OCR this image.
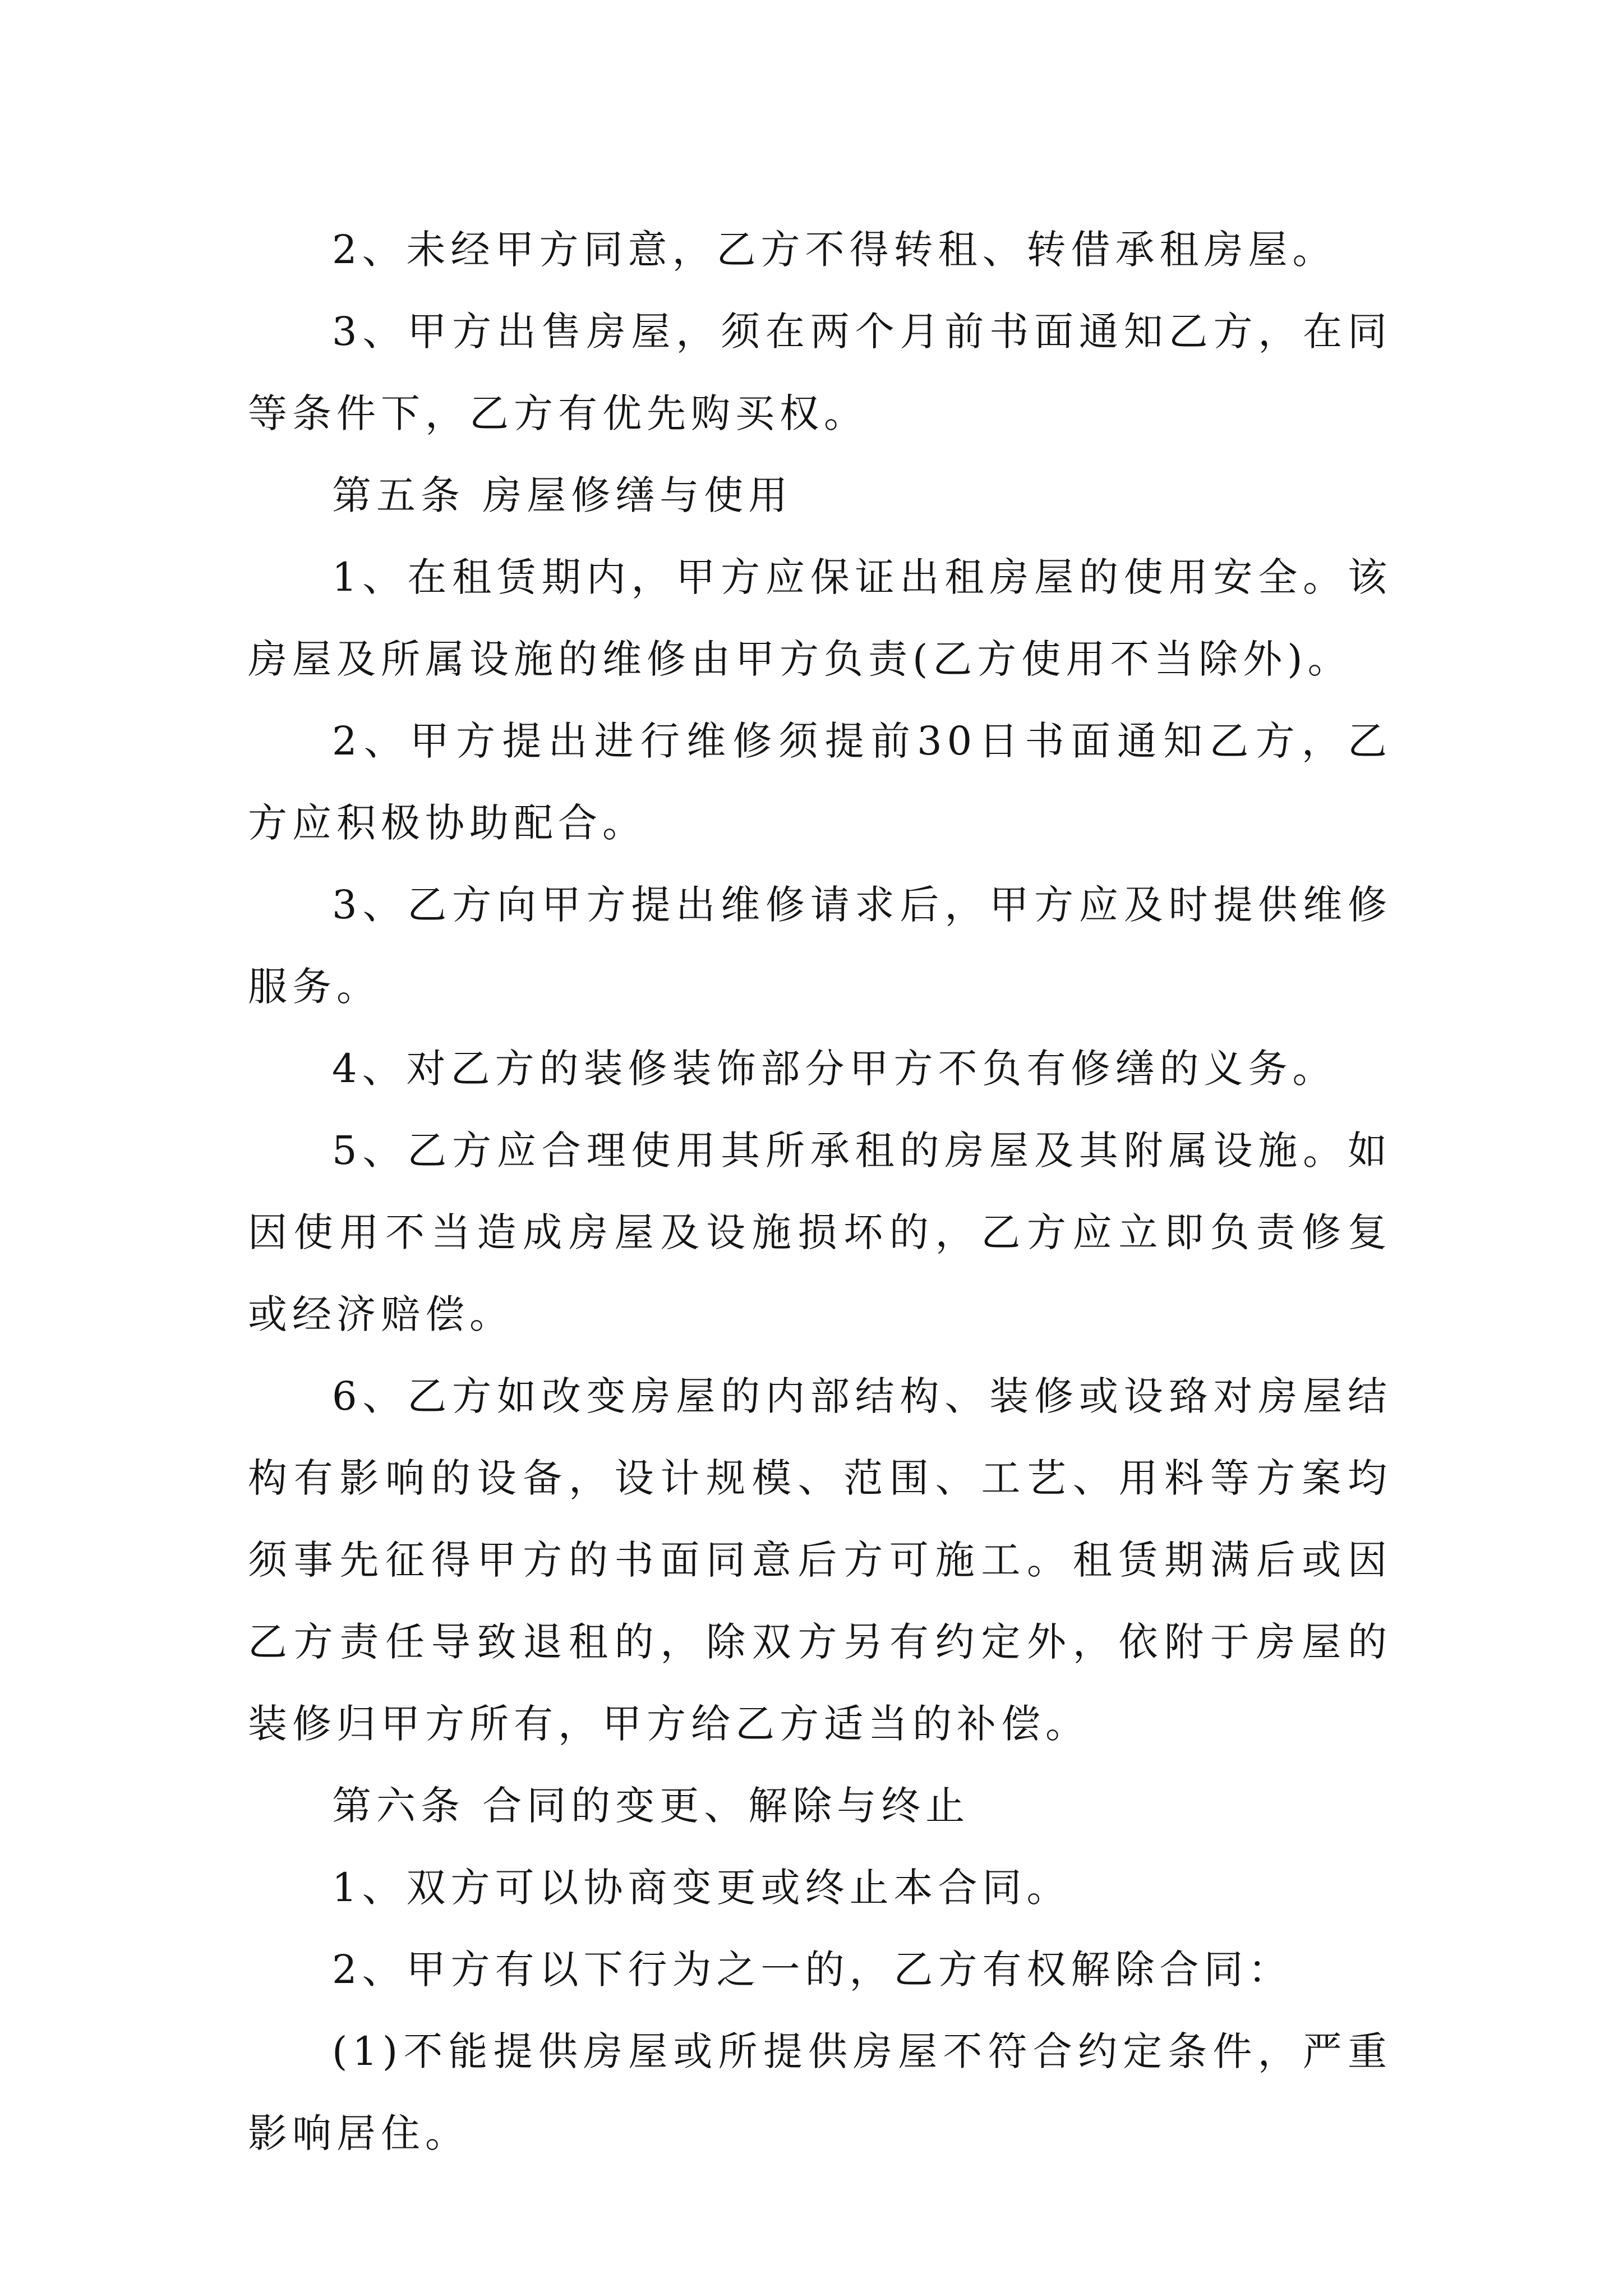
2、未经甲方同意，乙方不得转租、转借承租房屋。

3、甲方出售房屋，须在两个月前书面通知乙方，在同等条件下，乙方有优先购买权。

第五条 房屋修缮与使用

1、在租赁期内，甲方应保证出租房屋的使用安全。该房屋及所属设施的维修由甲方负责(乙方使用不当除外)。

2、甲方提出进行维修须提前30日书面通知乙方，乙方应积极协助配合。

3、乙方向甲方提出维修请求后，甲方应及时提供维修服务。

4、对乙方的装修装饰部分甲方不负有修缮的义务。

5、乙方应合理使用其所承租的房屋及其附属设施。如因使用不当造成房屋及设施损坏的，乙方应立即负责修复或经济赔偿。

6、乙方如改变房屋的内部结构、装修或设臵对房屋结构有影响的设备，设计规模、范围、工艺、用料等方案均须事先征得甲方的书面同意后方可施工。租赁期满后或因乙方责任导致退租的，除双方另有约定外，依附于房屋的装修归甲方所有，甲方给乙方适当的补偿。

第六条 合同的变更、解除与终止

1、双方可以协商变更或终止本合同。

2、甲方有以下行为之一的，乙方有权解除合同：

(1)不能提供房屋或所提供房屋不符合约定条件，严重影响居住。
